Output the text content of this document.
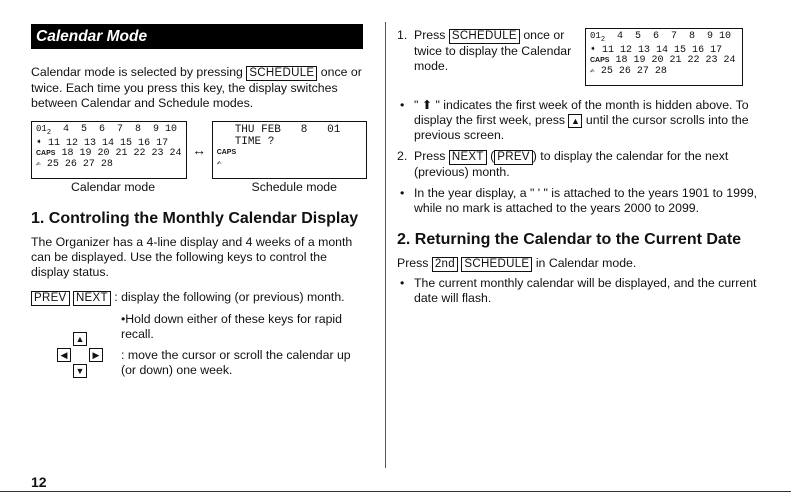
Calendar Mode

Calendar mode is selected by pressing SCHEDULE once or twice. Each time you press this key, the display switches between Calendar and Schedule modes.

$01_2$ 4  5  6  7  8  9 10
➧ 11 12 13 14 15 16 17
CAPS 18 19 20 21 22 23 24
✍ 25 26 27 28
↔
THU FEB   8   01
TIME ?
CAPS
✍
Calendar mode	Schedule mode
1. Controling the Monthly Calendar Display

The Organizer has a 4-line display and 4 weeks of a month can be displayed. Use the following keys to control the display status.

PREV NEXT : display the following (or previous) month.

•Hold down either of these keys for rapid recall.

▲
◀	▶
▼

: move the cursor or scroll the calendar up (or down) one week.

1. Press SCHEDULE once or twice to display the Calendar mode.
$01_2$ 4  5  6  7  8  9 10
➧ 11 12 13 14 15 16 17
CAPS 18 19 20 21 22 23 24
✍ 25 26 27 28
• " ⬆ " indicates the first week of the month is hidden above. To display the first week, press ▲ until the cursor scrolls into the previous screen.
2. Press NEXT ( PREV ) to display the calendar for the next (previous) month.
• In the year display, a " ' " is attached to the years 1901 to 1999, while no mark is attached to the years 2000 to 2099.
2. Returning the Calendar to the Current Date

Press 2nd SCHEDULE in Calendar mode.

• The current monthly calendar will be displayed, and the current date will flash.
12
